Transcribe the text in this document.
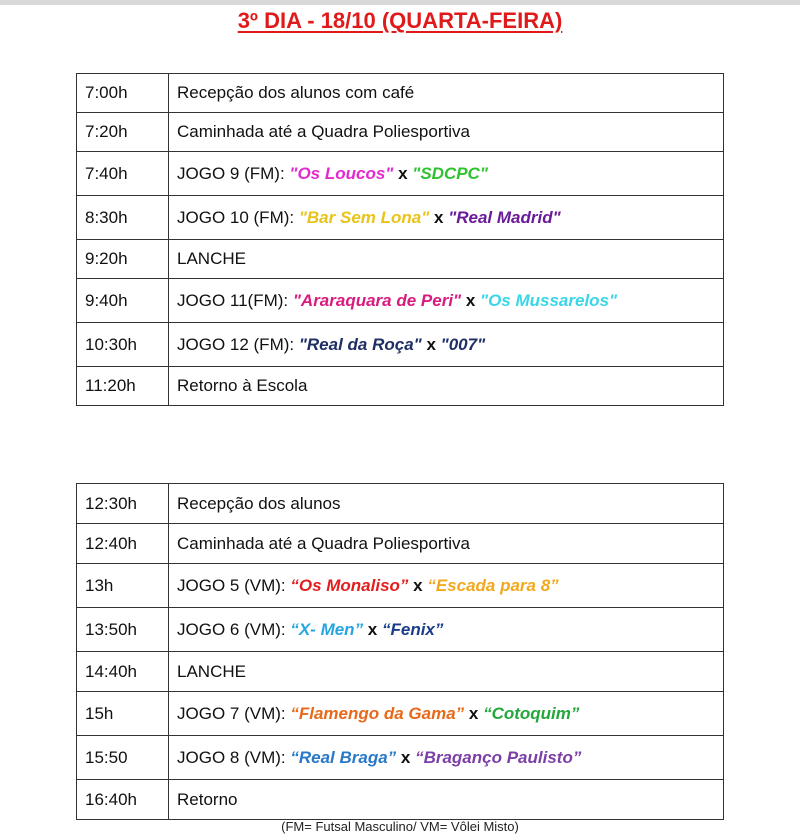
3º DIA - 18/10 (QUARTA-FEIRA)
7:00h	Recepção dos alunos com café
7:20h	Caminhada até a Quadra Poliesportiva
7:40h	JOGO 9 (FM): "Os Loucos" x "SDCPC"
8:30h	JOGO 10 (FM): "Bar Sem Lona" x "Real Madrid"
9:20h	LANCHE
9:40h	JOGO 11(FM): "Araraquara de Peri" x "Os Mussarelos"
10:30h	JOGO 12 (FM): "Real da Roça" x "007"
11:20h	Retorno à Escola
12:30h	Recepção dos alunos
12:40h	Caminhada até a Quadra Poliesportiva
13h	JOGO 5 (VM): “Os Monaliso” x “Escada para 8”
13:50h	JOGO 6 (VM): “X- Men” x “Fenix”
14:40h	LANCHE
15h	JOGO 7 (VM): “Flamengo da Gama” x “Cotoquim”
15:50	JOGO 8 (VM): “Real Braga” x “Braganço Paulisto”
16:40h	Retorno
(FM= Futsal Masculino/ VM= Vôlei Misto)
